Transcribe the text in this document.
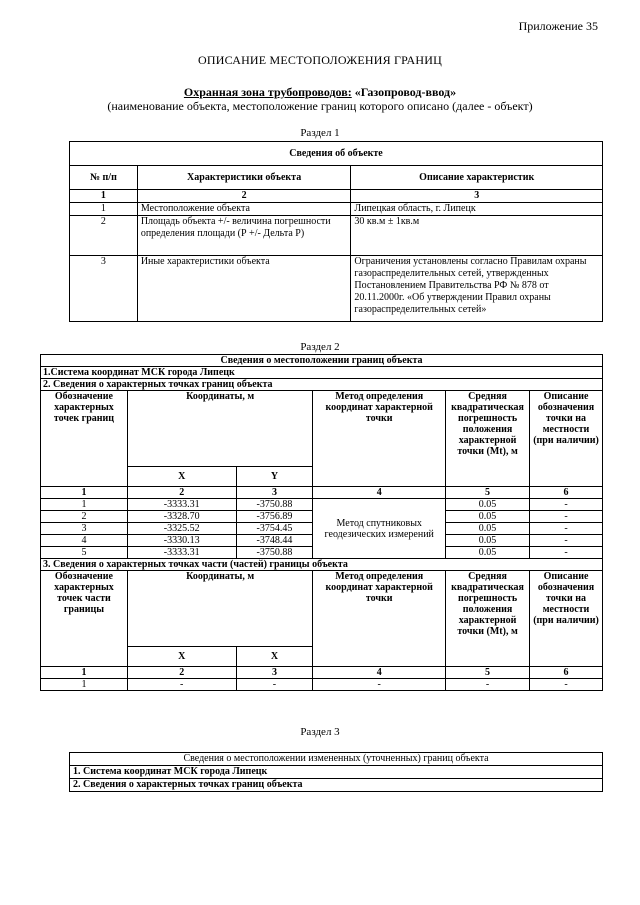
Приложение 35
ОПИСАНИЕ МЕСТОПОЛОЖЕНИЯ ГРАНИЦ
Охранная зона трубопроводов: «Газопровод-ввод»
(наименование объекта, местоположение границ которого описано (далее - объект)
Раздел 1
Сведения об объекте		
№ п/п	Характеристики объекта	Описание характеристик
1	2	3
1	Местоположение объекта	Липецкая область, г. Липецк
2	Площадь объекта +/- величина погрешности определения площади (Р +/- Дельта Р)	30 кв.м ± 1кв.м
3	Иные характеристики объекта	Ограничения установлены согласно Правилам охраны газораспределительных сетей, утвержденных Постановлением Правительства РФ № 878 от 20.11.2000г. «Об утверждении Правил охраны газораспределительных сетей»
Раздел 2
Сведения о местоположении границ объекта					
1.Система координат МСК города Липецк					
2. Сведения о характерных точках границ объекта					
Обозначение характерных точек границ	Координаты, м		Метод определения координат характерной точки	Средняя квадратическая погрешность положения характерной точки (Mt), м	Описание обозначения точки на местности (при наличии)
	X	Y			
1	2	3	4	5	6
1	-3333.31	-3750.88	Метод спутниковых геодезических измерений	0.05	-
2	-3328.70	-3756.89		0.05	-
3	-3325.52	-3754.45		0.05	-
4	-3330.13	-3748.44		0.05	-
5	-3333.31	-3750.88		0.05	-
3. Сведения о характерных точках части (частей) границы объекта					
Обозначение характерных точек части границы	Координаты, м		Метод определения координат характерной точки	Средняя квадратическая погрешность положения характерной точки (Mt), м	Описание обозначения точки на местности (при наличии)
	X	X			
1	2	3	4	5	6
1	-	-	-	-	-
Раздел 3
Сведения о местоположении измененных (уточненных) границ объекта
1. Система координат МСК города Липецк
2. Сведения о характерных точках границ объекта
